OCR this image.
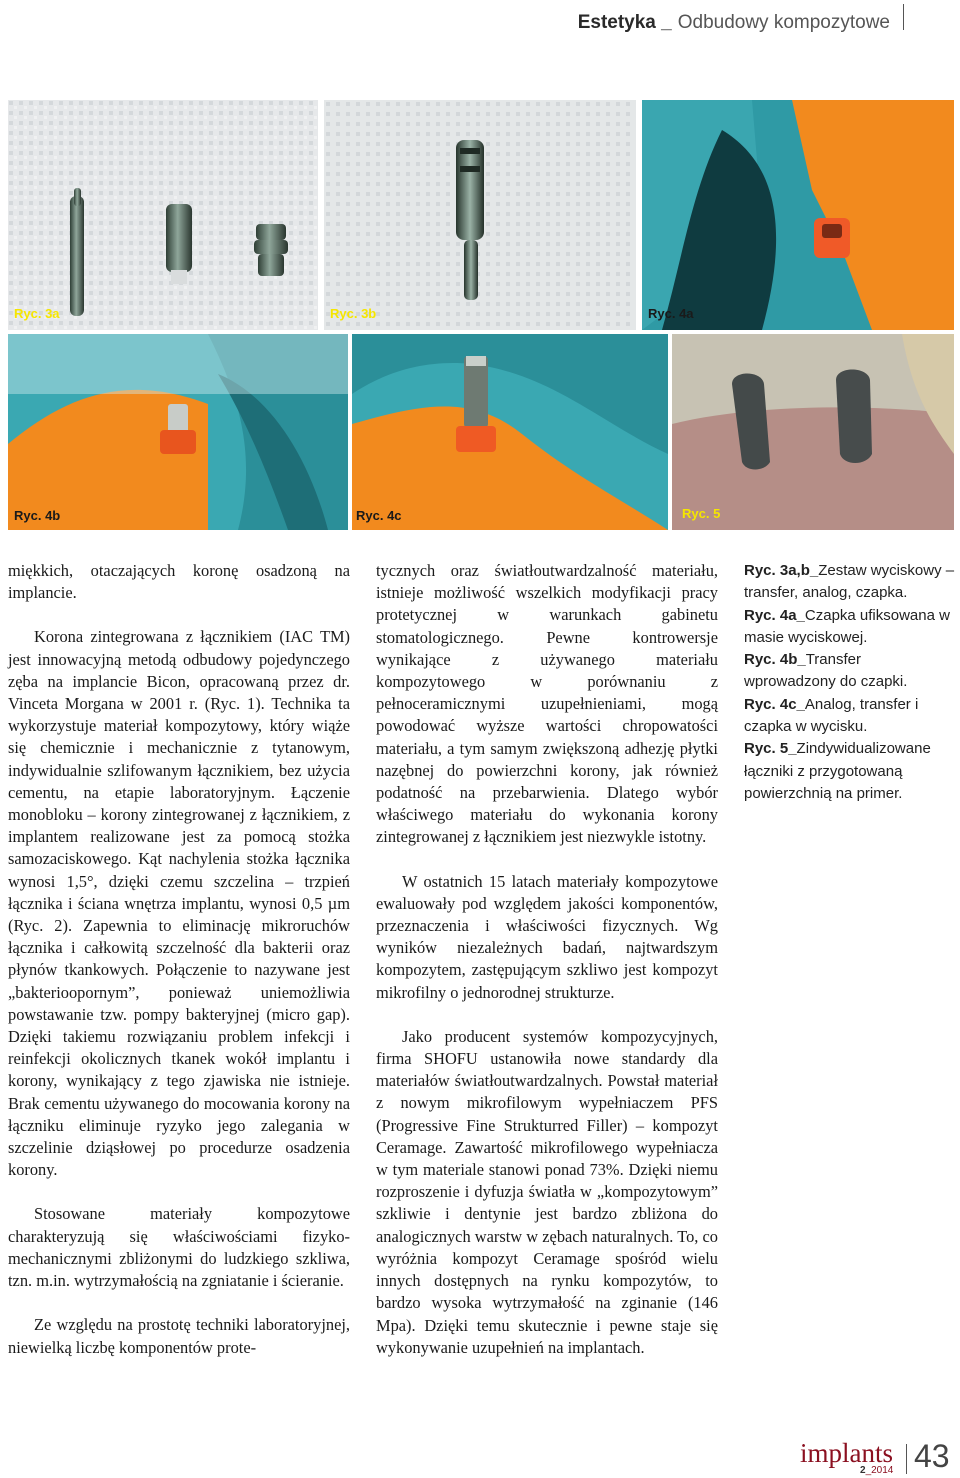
Estetyka _ Odbudowy kompozytowe
Ryc. 3a	Ryc. 3b	Ryc. 4a
Ryc. 4b	Ryc. 4c	Ryc. 5

miękkich, otaczających koronę osadzoną na implancie.

Korona zintegrowana z łącznikiem (IAC TM) jest innowacyjną metodą odbudowy pojedynczego zęba na implancie Bicon, opracowaną przez dr. Vinceta Morgana w 2001 r. (Ryc. 1). Technika ta wykorzystuje materiał kompozytowy, który wiąże się chemicznie i mechanicznie z tytanowym, indywidualnie szlifowanym łącznikiem, bez użycia cementu, na etapie laboratoryjnym. Łączenie monobloku – korony zintegrowanej z łącznikiem, z implantem realizowane jest za pomocą stożka samozaciskowego. Kąt nachylenia stożka łącznika wynosi 1,5°, dzięki czemu szczelina – trzpień łącznika i ściana wnętrza implantu, wynosi 0,5 µm (Ryc. 2). Zapewnia to eliminację mikroruchów łącznika i całkowitą szczelność dla bakterii oraz płynów tkankowych. Połączenie to nazywane jest „bakterioopornym”, ponieważ uniemożliwia powstawanie tzw. pompy bakteryjnej (micro gap). Dzięki takiemu rozwiązaniu problem infekcji i reinfekcji okolicznych tkanek wokół implantu i korony, wynikający z tego zjawiska nie istnieje. Brak cementu używanego do mocowania korony na łączniku eliminuje ryzyko jego zalegania w szczelinie dziąsłowej po procedurze osadzenia korony.

Stosowane materiały kompozytowe charakteryzują się właściwościami fizyko-mechanicznymi zbliżonymi do ludzkiego szkliwa, tzn. m.in. wytrzymałością na zgniatanie i ścieranie.

Ze względu na prostotę techniki laboratoryjnej, niewielką liczbę komponentów prote-

tycznych oraz światłoutwardzalność materiału, istnieje możliwość wszelkich modyfikacji pracy protetycznej w warunkach gabinetu stomatologicznego. Pewne kontrowersje wynikające z używanego materiału kompozytowego w porównaniu z pełnoceramicznymi uzupełnieniami, mogą powodować wyższe wartości chropowatości materiału, a tym samym zwiększoną adhezję płytki nazębnej do powierzchni korony, jak również podatność na przebarwienia. Dlatego wybór właściwego materiału do wykonania korony zintegrowanej z łącznikiem jest niezwykle istotny.

W ostatnich 15 latach materiały kompozytowe ewaluowały pod względem jakości komponentów, przeznaczenia i właściwości fizycznych. Wg wyników niezależnych badań, najtwardszym kompozytem, zastępującym szkliwo jest kompozyt mikrofilny o jednorodnej strukturze.

Jako producent systemów kompozycyjnych, firma SHOFU ustanowiła nowe standardy dla materiałów światłoutwardzalnych. Powstał materiał z nowym mikrofilowym wypełniaczem PFS (Progressive Fine Strukturred Filler) – kompozyt Ceramage. Zawartość mikrofilowego wypełniacza w tym materiale stanowi ponad 73%. Dzięki niemu rozproszenie i dyfuzja światła w „kompozytowym” szkliwie i dentynie jest bardzo zbliżona do analogicznych warstw w zębach naturalnych. To, co wyróżnia kompozyt Ceramage spośród wielu innych dostępnych na rynku kompozytów, to bardzo wysoka wytrzymałość na zginanie (146 Mpa). Dzięki temu skutecznie i pewne staje się wykonywanie uzupełnień na implantach.

Ryc. 3a,b_Zestaw wyciskowy – transfer, analog, czapka.
Ryc. 4a_Czapka ufiksowana w masie wyciskowej.
Ryc. 4b_Transfer wprowadzony do czapki.
Ryc. 4c_Analog, transfer i czapka w wycisku.
Ryc. 5_Zindywidualizowane łączniki z przygotowaną powierzchnią na primer.
implants
2_2014 43
